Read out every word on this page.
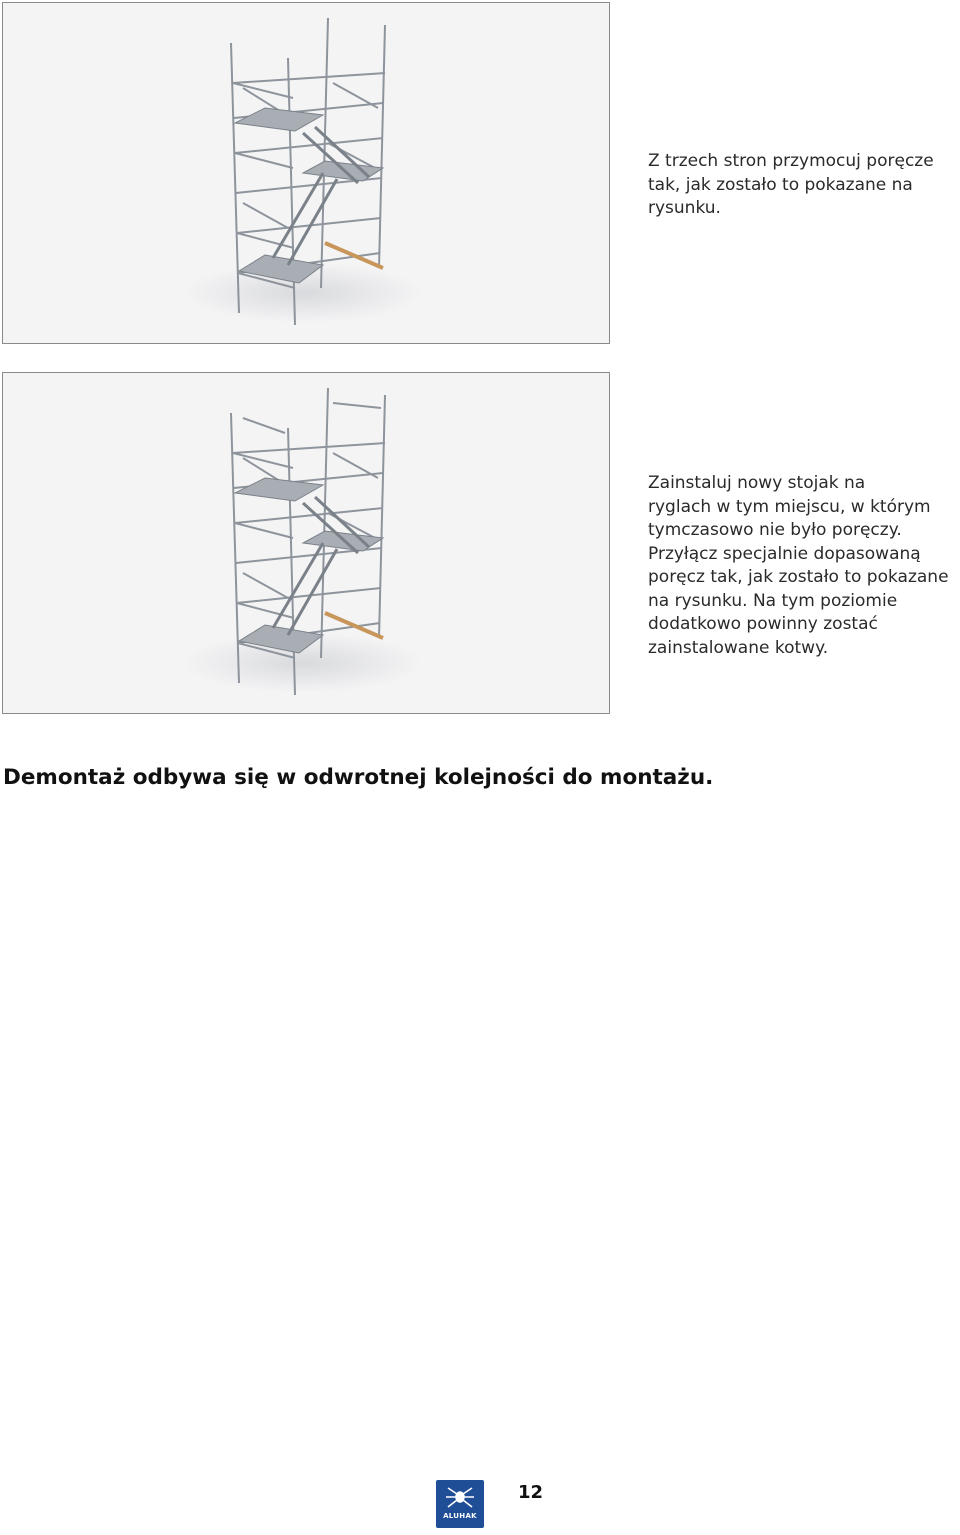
Z trzech stron przymocuj poręcze
tak, jak zostało to pokazane na
rysunku.

Zainstaluj nowy stojak na
ryglach w tym miejscu, w którym
tymczasowo nie było poręczy.
Przyłącz specjalnie dopasowaną
poręcz tak, jak zostało to pokazane
na rysunku. Na tym poziomie
dodatkowo powinny zostać
zainstalowane kotwy.

Demontaż odbywa się w odwrotnej kolejności do montażu.

ALUHAK

12
